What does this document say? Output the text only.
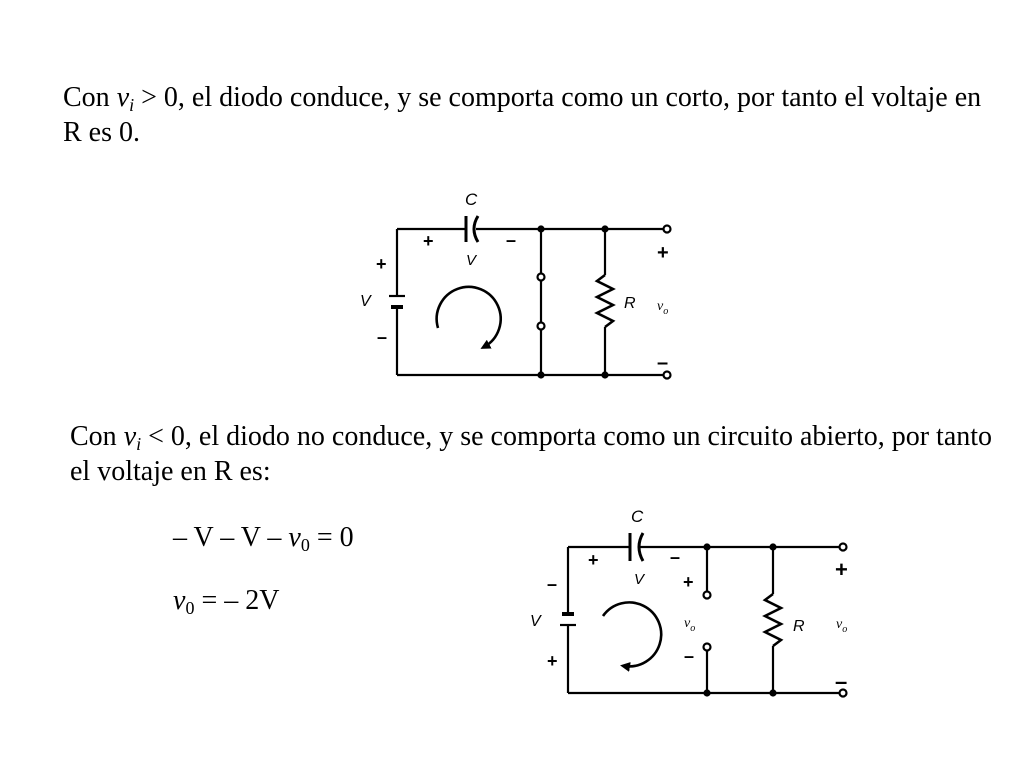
Con $v_i > 0$, el diodo conduce, y se comporta como un corto, por tanto el voltaje en R es 0.

Con $v_i < 0$, el diodo no conduce, y se comporta como un circuito abierto, por tanto el voltaje en R es:

– $V - V - v_0 = 0$
$v_0$ = – 2V
C
+	–
V
+
V
–
R
+
–
$v_o$
C
+	–
V
–
V
+
+
$v_o$
–
R
+
–
$v_o$
